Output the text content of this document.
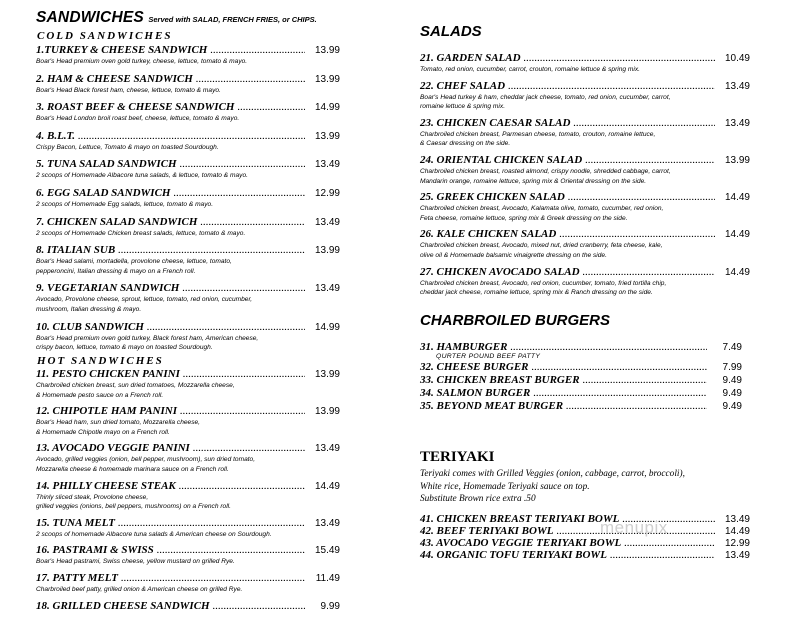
SANDWICHES Served with SALAD, FRENCH FRIES, or CHIPS.
COLD SANDWICHES
1.TURKEY & CHEESE SANDWICH .....	13.99
Boar's Head premium oven gold turkey, cheese, lettuce, tomato & mayo.
2. HAM & CHEESE SANDWICH .....	13.99
Boar's Head Black forest ham, cheese, lettuce, tomato & mayo.
3. ROAST BEEF & CHEESE SANDWICH .....	14.99
Boar's Head London broil roast beef, cheese, lettuce, tomato & mayo.
4. B.L.T. .....	13.99
Crispy Bacon, Lettuce, Tomato & mayo on toasted Sourdough.
5. TUNA SALAD SANDWICH .....	13.49
2 scoops of Homemade Albacore tuna salads, & lettuce, tomato & mayo.
6. EGG SALAD SANDWICH .....	12.99
2 scoops of Homemade Egg salads, lettuce, tomato & mayo.
7. CHICKEN SALAD SANDWICH .....	13.49
2 scoops of Homemade Chicken breast salads, lettuce, tomato & mayo.
8. ITALIAN SUB .....	13.99
Boar's Head salami, mortadella, provolone cheese, lettuce, tomato,
pepperoncini, Italian dressing & mayo on a French roll.
9. VEGETARIAN SANDWICH .....	13.49
Avocado, Provolone cheese, sprout, lettuce, tomato, red onion, cucumber,
mushroom, Italian dressing & mayo.
10. CLUB SANDWICH .....	14.99
Boar's Head premium oven gold turkey, Black forest ham, American cheese,
crispy bacon, lettuce, tomato & mayo on toasted Sourdough.
HOT SANDWICHES
11. PESTO CHICKEN PANINI .....	13.99
Charbroiled chicken breast, sun dried tomatoes, Mozzarella cheese,
& Homemade pesto sauce on a French roll.
12. CHIPOTLE HAM PANINI .....	13.99
Boar's Head ham, sun dried tomato, Mozzarella cheese,
& Homemade Chipotle mayo on a French roll.
13. AVOCADO VEGGIE PANINI .....	13.49
Avocado, grilled veggies (onion, bell pepper, mushroom), sun dried tomato,
Mozzarella cheese & homemade marinara sauce on a French roll.
14. PHILLY CHEESE STEAK .....	14.49
Thinly sliced steak, Provolone cheese,
grilled veggies (onions, bell peppers, mushrooms) on a French roll.
15. TUNA MELT .....	13.49
2 scoops of homemade Albacore tuna salads & American cheese on Sourdough.
16. PASTRAMI & SWISS .....	15.49
Boar's Head pastrami, Swiss cheese, yellow mustard on grilled Rye.
17. PATTY MELT .....	11.49
Charbroiled beef patty, grilled onion & American cheese on grilled Rye.
18. GRILLED CHEESE SANDWICH .....	9.99
SALADS
21. GARDEN SALAD .....	10.49
Tomato, red onion, cucumber, carrot, crouton, romaine lettuce & spring mix.
22. CHEF SALAD .....	13.49
Boar's Head turkey & ham, cheddar jack cheese, tomato, red onion, cucumber, carrot,
romaine lettuce & spring mix.
23. CHICKEN CAESAR SALAD .....	13.49
Charbroiled chicken breast, Parmesan cheese, tomato, crouton, romaine lettuce,
& Caesar dressing on the side.
24. ORIENTAL CHICKEN SALAD .....	13.99
Charbroiled chicken breast, roasted almond, crispy noodle, shredded cabbage, carrot,
Mandarin orange, romaine lettuce, spring mix & Oriental dressing on the side.
25. GREEK CHICKEN SALAD .....	14.49
Charbroiled chicken breast, Avocado, Kalamata olive, tomato, cucumber, red onion,
Feta cheese, romaine lettuce, spring mix & Greek dressing on the side.
26. KALE CHICKEN SALAD .....	14.49
Charbroiled chicken breast, Avocado, mixed nut, dried cranberry, feta cheese, kale,
olive oil & Homemade balsamic vinaigrette dressing on the side.
27. CHICKEN AVOCADO SALAD .....	14.49
Charbroiled chicken breast, Avocado, red onion, cucumber, tomato, fried tortilla chip,
cheddar jack cheese, romaine lettuce, spring mix & Ranch dressing on the side.
CHARBROILED BURGERS
31. HAMBURGER .....	7.49
QURTER POUND BEEF PATTY
32. CHEESE BURGER .....	7.99
33. CHICKEN BREAST BURGER .....	9.49
34. SALMON BURGER .....	9.49
35. BEYOND MEAT BURGER .....	9.49
TERIYAKI
Teriyaki comes with Grilled Veggies (onion, cabbage, carrot, broccoli),
White rice, Homemade Teriyaki sauce on top.
Substitute Brown rice extra .50
41. CHICKEN BREAST TERIYAKI BOWL .....	13.49
42. BEEF TERIYAKI BOWL .....	14.49
43. AVOCADO VEGGIE TERIYAKI BOWL .....	12.99
44. ORGANIC TOFU TERIYAKI BOWL .....	13.49
menupix
